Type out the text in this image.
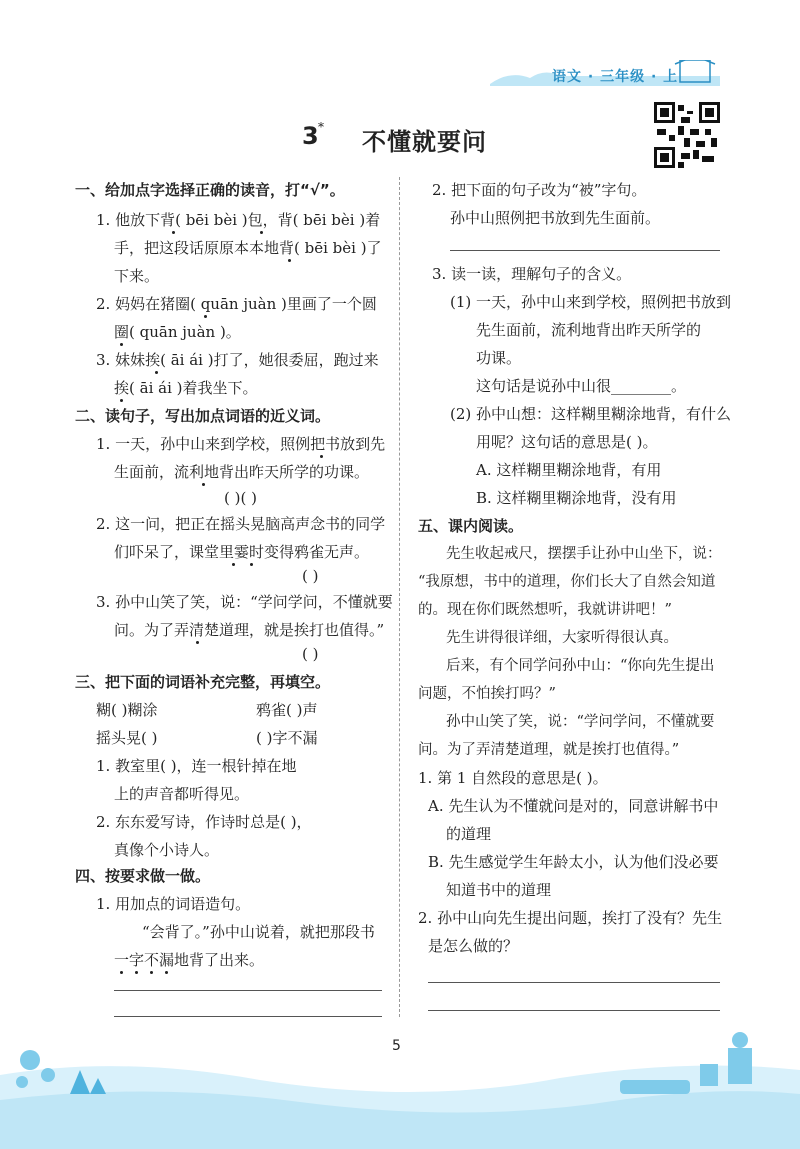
语文 · 三年级 · 上
3 *
不懂就要问
一、给加点字选择正确的读音，打“√”。
1. 他放下背( bēi bèi )包，背( bēi bèi )着
手，把这段话原原本本地背( bēi bèi )了
下来。
2. 妈妈在猪圈( quān juàn )里画了一个圆
圈( quān juàn )。
3. 妹妹挨( āi ái )打了，她很委屈，跑过来
挨( āi ái )着我坐下。
二、读句子，写出加点词语的近义词。
1. 一天，孙中山来到学校，照例把书放到先
生面前，流利地背出昨天所学的功课。
( )( )
2. 这一问，把正在摇头晃脑高声念书的同学
们吓呆了，课堂里霎时变得鸦雀无声。
( )
3. 孙中山笑了笑，说：“学问学问，不懂就要
问。为了弄清楚道理，就是挨打也值得。”
( )
三、把下面的词语补充完整，再填空。
糊( )糊涂	鸦雀( )声
摇头晃( )	( )字不漏
1. 教室里( )，连一根针掉在地
上的声音都听得见。
2. 东东爱写诗，作诗时总是( )，
真像个小诗人。
四、按要求做一做。
1. 用加点的词语造句。
“会背了。”孙中山说着，就把那段书
一字不漏地背了出来。
2. 把下面的句子改为“被”字句。
孙中山照例把书放到先生面前。
3. 读一读，理解句子的含义。
(1) 一天，孙中山来到学校，照例把书放到
先生面前，流利地背出昨天所学的
功课。
这句话是说孙中山很________。
(2) 孙中山想：这样糊里糊涂地背，有什么
用呢？这句话的意思是( )。
A. 这样糊里糊涂地背，有用
B. 这样糊里糊涂地背，没有用
五、课内阅读。
先生收起戒尺，摆摆手让孙中山坐下，说：
“我原想，书中的道理，你们长大了自然会知道
的。现在你们既然想听，我就讲讲吧！”
先生讲得很详细，大家听得很认真。
后来，有个同学问孙中山：“你向先生提出
问题，不怕挨打吗？”
孙中山笑了笑，说：“学问学问，不懂就要
问。为了弄清楚道理，就是挨打也值得。”
1. 第 1 自然段的意思是( )。
A. 先生认为不懂就问是对的，同意讲解书中
的道理
B. 先生感觉学生年龄太小，认为他们没必要
知道书中的道理
2. 孙中山向先生提出问题，挨打了没有？先生
是怎么做的？
5
